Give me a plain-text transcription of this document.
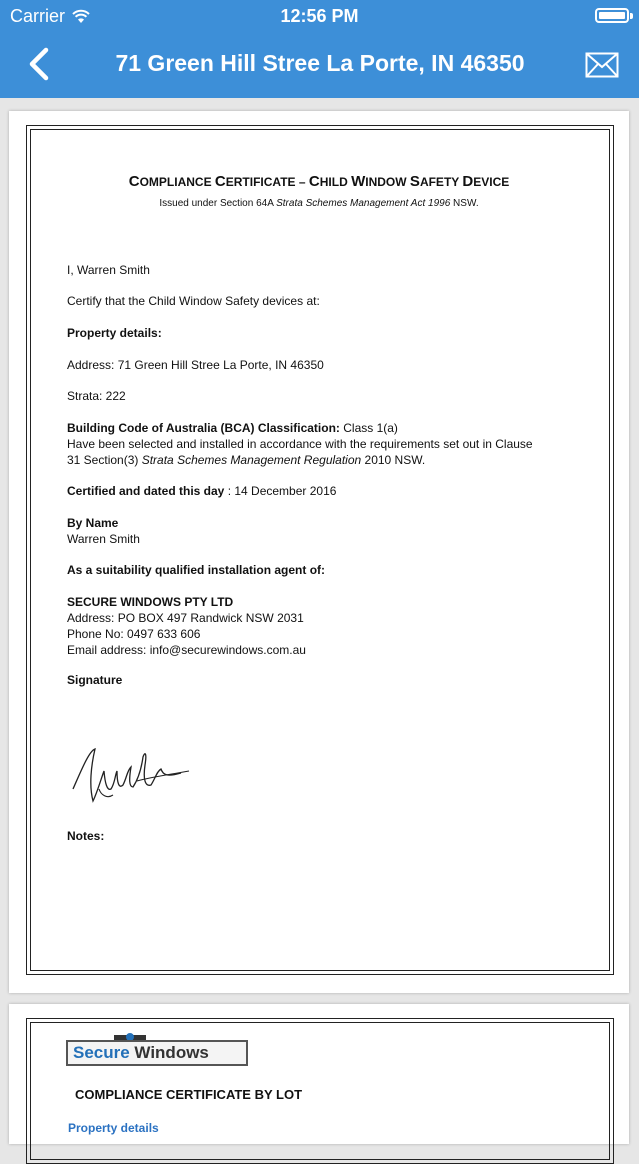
Carrier	12:56 PM
71 Green Hill Stree La Porte, IN 46350
COMPLIANCE CERTIFICATE – CHILD WINDOW SAFETY DEVICE
Issued under Section 64A Strata Schemes Management Act 1996 NSW.
I, Warren Smith
Certify that the Child Window Safety devices at:
Property details:
Address: 71 Green Hill Stree La Porte, IN 46350
Strata: 222
Building Code of Australia (BCA) Classification: Class 1(a)
Have been selected and installed in accordance with the requirements set out in Clause
31 Section(3) Strata Schemes Management Regulation 2010 NSW.
Certified and dated this day : 14 December 2016
By Name
Warren Smith
As a suitability qualified installation agent of:
SECURE WINDOWS PTY LTD
Address: PO BOX 497 Randwick NSW 2031
Phone No: 0497 633 606
Email address: info@securewindows.com.au
Signature
Notes:
Secure Windows
COMPLIANCE CERTIFICATE BY LOT
Property details
